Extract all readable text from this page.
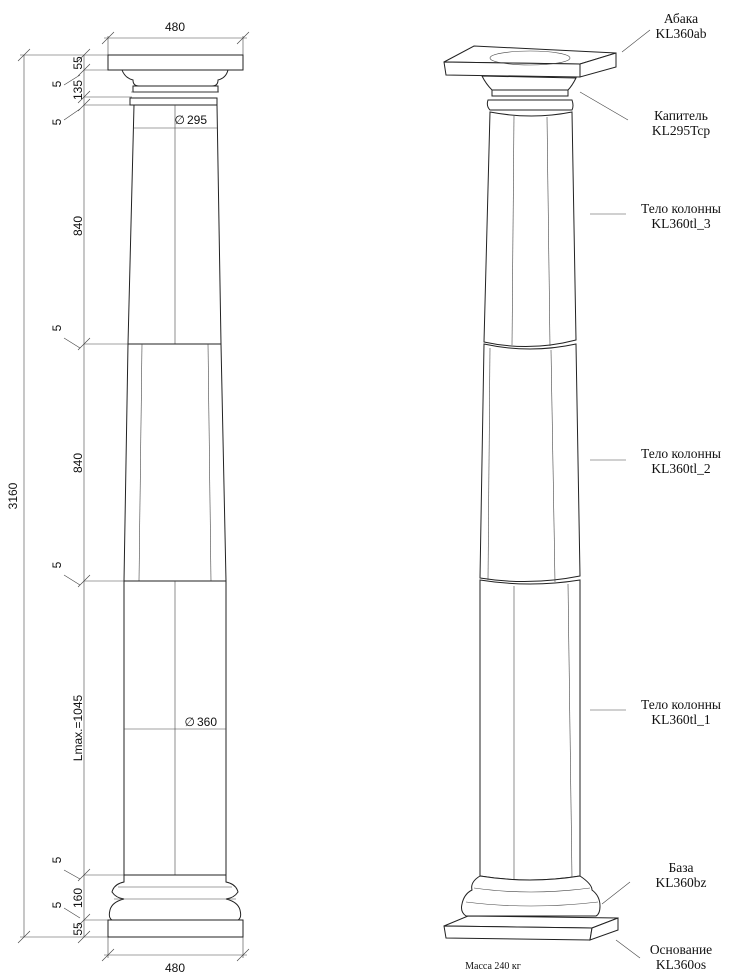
3160
55
5 135
5
840
5
840
5
Lmax.=1045
5
5 160
55
480
480
∅ 295
∅ 360
Абака
KL360ab
Капитель
KL295Tcp
Тело колонны
KL360tl_3
Тело колонны
KL360tl_2
Тело колонны
KL360tl_1
База
KL360bz
Основание
KL360os
Масса 240 кг
